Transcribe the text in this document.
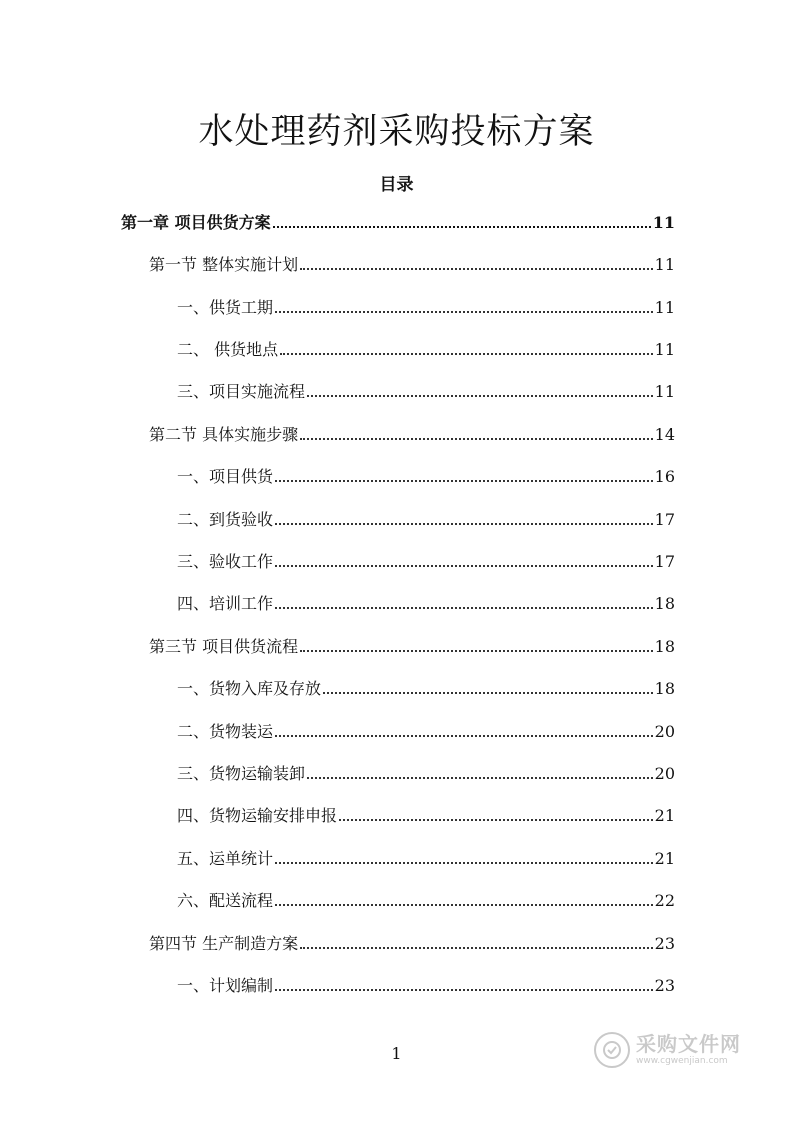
水处理药剂采购投标方案
目录
第一章 项目供货方案	11
第一节 整体实施计划	11
一、供货工期	11
二、 供货地点	11
三、项目实施流程	11
第二节 具体实施步骤	14
一、项目供货	16
二、到货验收	17
三、验收工作	17
四、培训工作	18
第三节 项目供货流程	18
一、货物入库及存放	18
二、货物装运	20
三、货物运输装卸	20
四、货物运输安排申报	21
五、运单统计	21
六、配送流程	22
第四节 生产制造方案	23
一、计划编制	23
1	采购文件网
www.cgwenjian.com
